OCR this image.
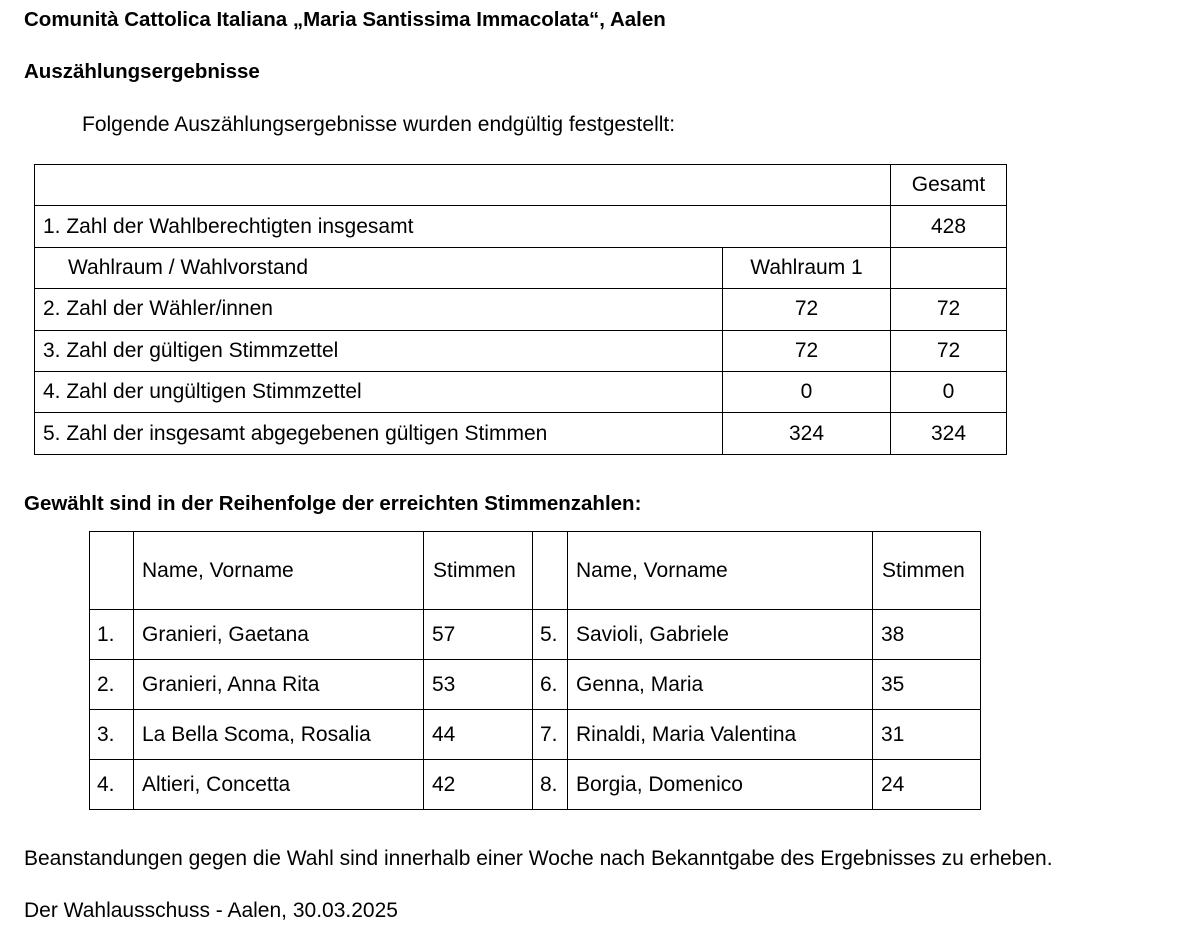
Comunità Cattolica Italiana „Maria Santissima Immacolata“, Aalen
Auszählungsergebnisse
Folgende Auszählungsergebnisse wurden endgültig festgestellt:
		Gesamt
1. Zahl der Wahlberechtigten insgesamt		428
Wahlraum / Wahlvorstand	Wahlraum 1	
2. Zahl der Wähler/innen	72	72
3. Zahl der gültigen Stimmzettel	72	72
4. Zahl der ungültigen Stimmzettel	0	0
5. Zahl der insgesamt abgegebenen gültigen Stimmen	324	324
Gewählt sind in der Reihenfolge der erreichten Stimmenzahlen:
	Name, Vorname	Stimmen		Name, Vorname	Stimmen
1.	Granieri, Gaetana	57	5.	Savioli, Gabriele	38
2.	Granieri, Anna Rita	53	6.	Genna, Maria	35
3.	La Bella Scoma, Rosalia	44	7.	Rinaldi, Maria Valentina	31
4.	Altieri, Concetta	42	8.	Borgia, Domenico	24
Beanstandungen gegen die Wahl sind innerhalb einer Woche nach Bekanntgabe des Ergebnisses zu erheben.
Der Wahlausschuss - Aalen, 30.03.2025
